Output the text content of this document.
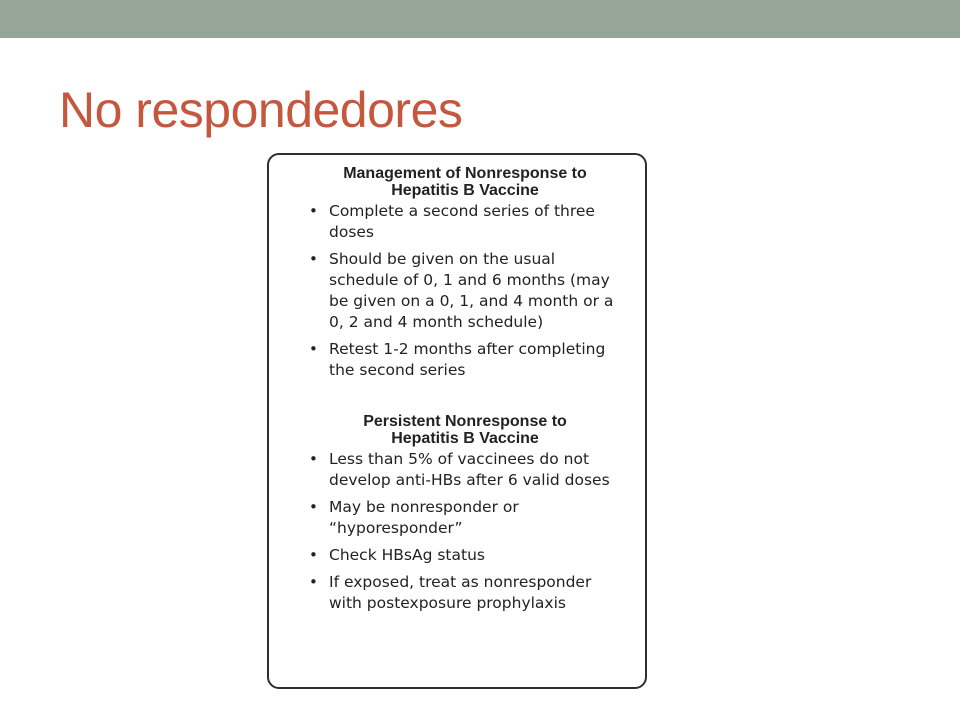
No respondedores
Management of Nonresponse to
Hepatitis B Vaccine
• Complete a second series of three doses
• Should be given on the usual schedule of 0, 1 and 6 months (may be given on a 0, 1, and 4 month or a 0, 2 and 4 month schedule)
• Retest 1-2 months after completing the second series
Persistent Nonresponse to
Hepatitis B Vaccine
• Less than 5% of vaccinees do not develop anti-HBs after 6 valid doses
• May be nonresponder or “hyporesponder”
• Check HBsAg status
• If exposed, treat as nonresponder with postexposure prophylaxis
